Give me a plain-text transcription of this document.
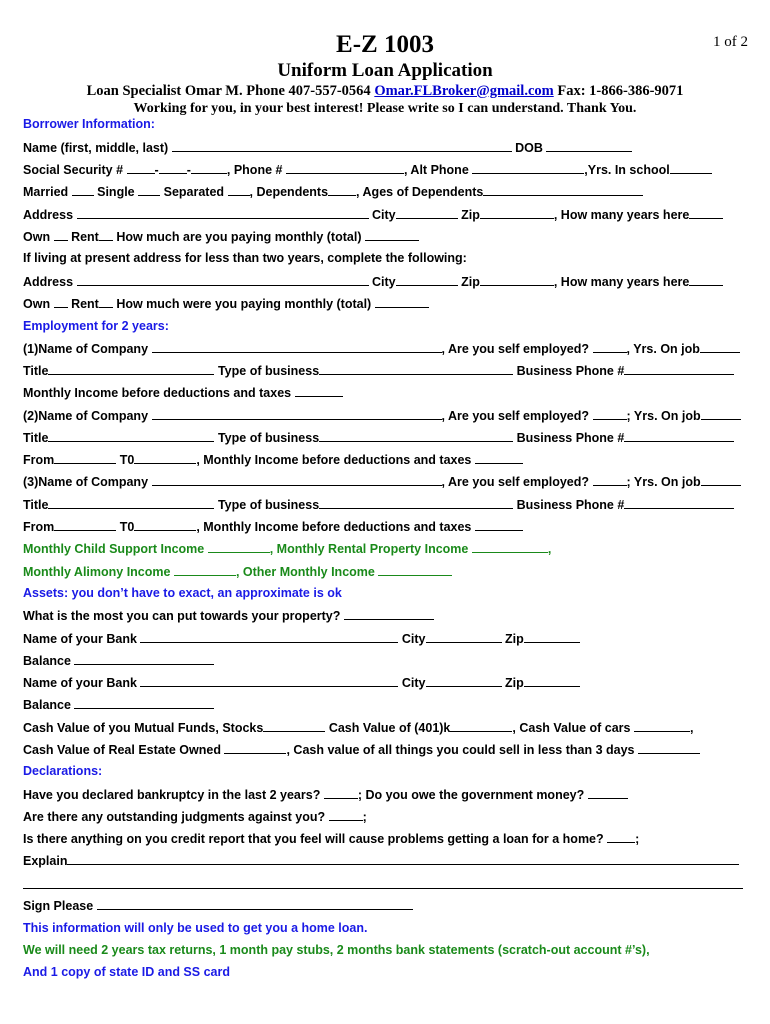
E-Z 1003	1 of 2
Uniform Loan Application
Loan Specialist Omar M. Phone 407-557-0564 Omar.FLBroker@gmail.com Fax: 1-866-386-9071
Working for you, in your best interest! Please write so I can understand. Thank You.
Borrower Information:
Name (first, middle, last)	DOB
Social Security #	- -	, Phone #	, Alt Phone	,Yrs. In school
Married Single Separated , Dependents , Ages of Dependents
Address	City	Zip	, How many years here
Own Rent How much are you paying monthly (total)
If living at present address for less than two years, complete the following:
Address	City	Zip	, How many years here
Own Rent How much were you paying monthly (total)
Employment for 2 years:
(1)Name of Company	, Are you self employed?	, Yrs. On job
Title	Type of business	Business Phone #
Monthly Income before deductions and taxes
(2)Name of Company	, Are you self employed?	; Yrs. On job
Title	Type of business	Business Phone #
From	T0	, Monthly Income before deductions and taxes
(3)Name of Company	, Are you self employed?	; Yrs. On job
Title	Type of business	Business Phone #
From	T0	, Monthly Income before deductions and taxes
Monthly Child Support Income	, Monthly Rental Property Income	,
Monthly Alimony Income	, Other Monthly Income
Assets: you don’t have to exact, an approximate is ok
What is the most you can put towards your property?
Name of your Bank	City	Zip
Balance
Name of your Bank	City	Zip
Balance
Cash Value of you Mutual Funds, Stocks	Cash Value of (401)k	, Cash Value of cars	,
Cash Value of Real Estate Owned	, Cash value of all things you could sell in less than 3 days
Declarations:
Have you declared bankruptcy in the last 2 years?	; Do you owe the government money?
Are there any outstanding judgments against you?	;
Is there anything on you credit report that you feel will cause problems getting a loan for a home?	;
Explain
Sign Please
This information will only be used to get you a home loan.
We will need 2 years tax returns, 1 month pay stubs, 2 months bank statements (scratch-out account #’s),
And 1 copy of state ID and SS card
